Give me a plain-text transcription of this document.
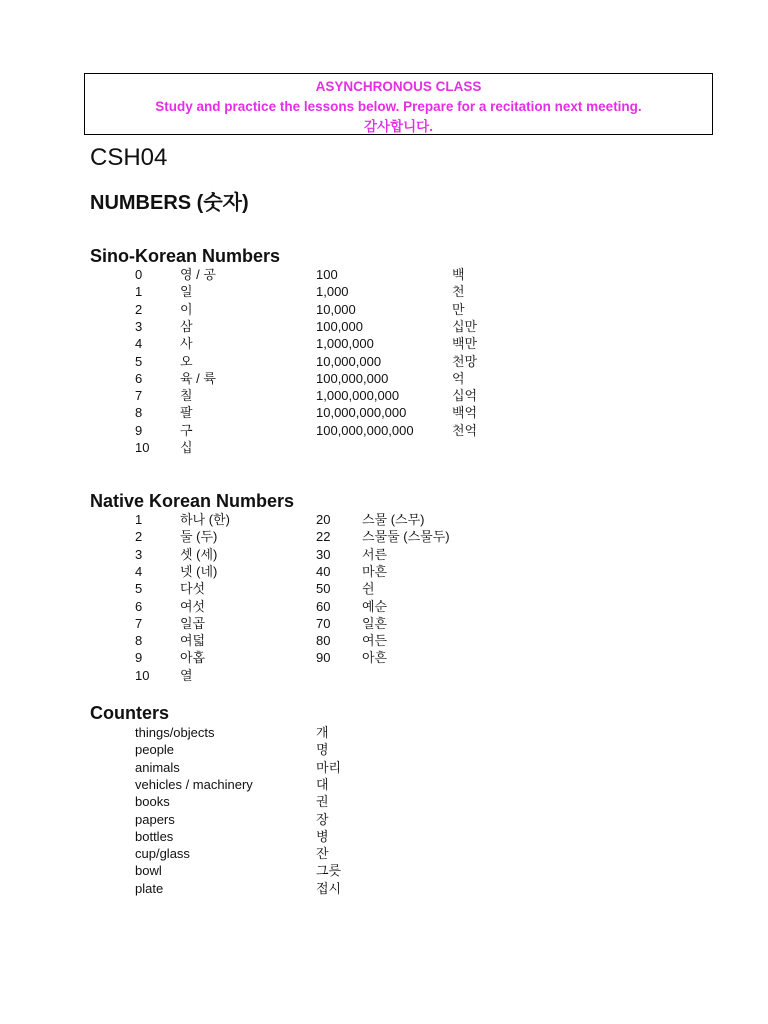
ASYNCHRONOUS CLASS
Study and practice the lessons below. Prepare for a recitation next meeting.
감사합니다.
CSH04
NUMBERS (숫자)
Sino-Korean Numbers
0	영 / 공	100	백
1	일	1,000	천
2	이	10,000	만
3	삼	100,000	십만
4	사	1,000,000	백만
5	오	10,000,000	천망
6	육 / 륙	100,000,000	억
7	칠	1,000,000,000	십억
8	팔	10,000,000,000	백억
9	구	100,000,000,000	천억
10 십
Native Korean Numbers
1	하나 (한)	20 스물 (스무)
2	둘 (두)	22 스물둘 (스물두)
3	셋 (세)	30 서른
4	넷 (네)	40 마흔
5	다섯	50 쉰
6	여섯	60 예순
7	일곱	70 일흔
8	여덟	80 여든
9	아홉	90 아흔
10 열
Counters
things/objects	개
people	명
animals	마리
vehicles / machinery	대
books	권
papers	장
bottles	병
cup/glass	잔
bowl	그릇
plate	접시
